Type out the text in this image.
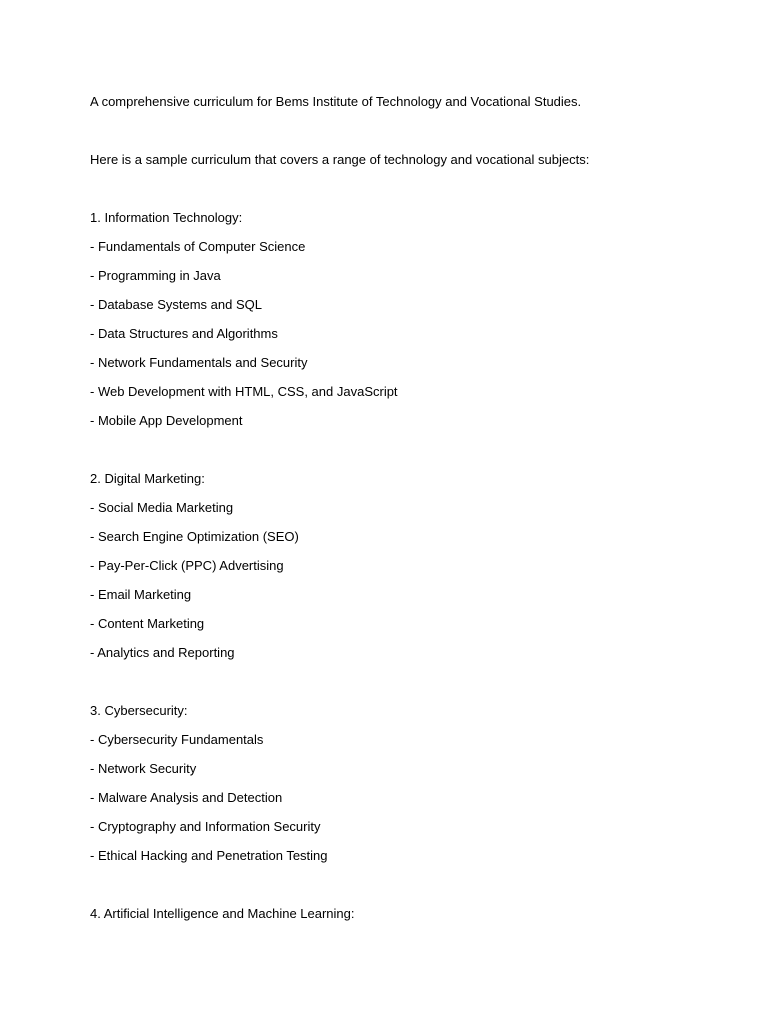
A comprehensive curriculum for Bems Institute of Technology and Vocational Studies.

Here is a sample curriculum that covers a range of technology and vocational subjects:

1. Information Technology:

- Fundamentals of Computer Science
- Programming in Java
- Database Systems and SQL
- Data Structures and Algorithms
- Network Fundamentals and Security
- Web Development with HTML, CSS, and JavaScript
- Mobile App Development

2. Digital Marketing:

- Social Media Marketing
- Search Engine Optimization (SEO)
- Pay-Per-Click (PPC) Advertising
- Email Marketing
- Content Marketing
- Analytics and Reporting

3. Cybersecurity:

- Cybersecurity Fundamentals
- Network Security
- Malware Analysis and Detection
- Cryptography and Information Security
- Ethical Hacking and Penetration Testing

4. Artificial Intelligence and Machine Learning:
